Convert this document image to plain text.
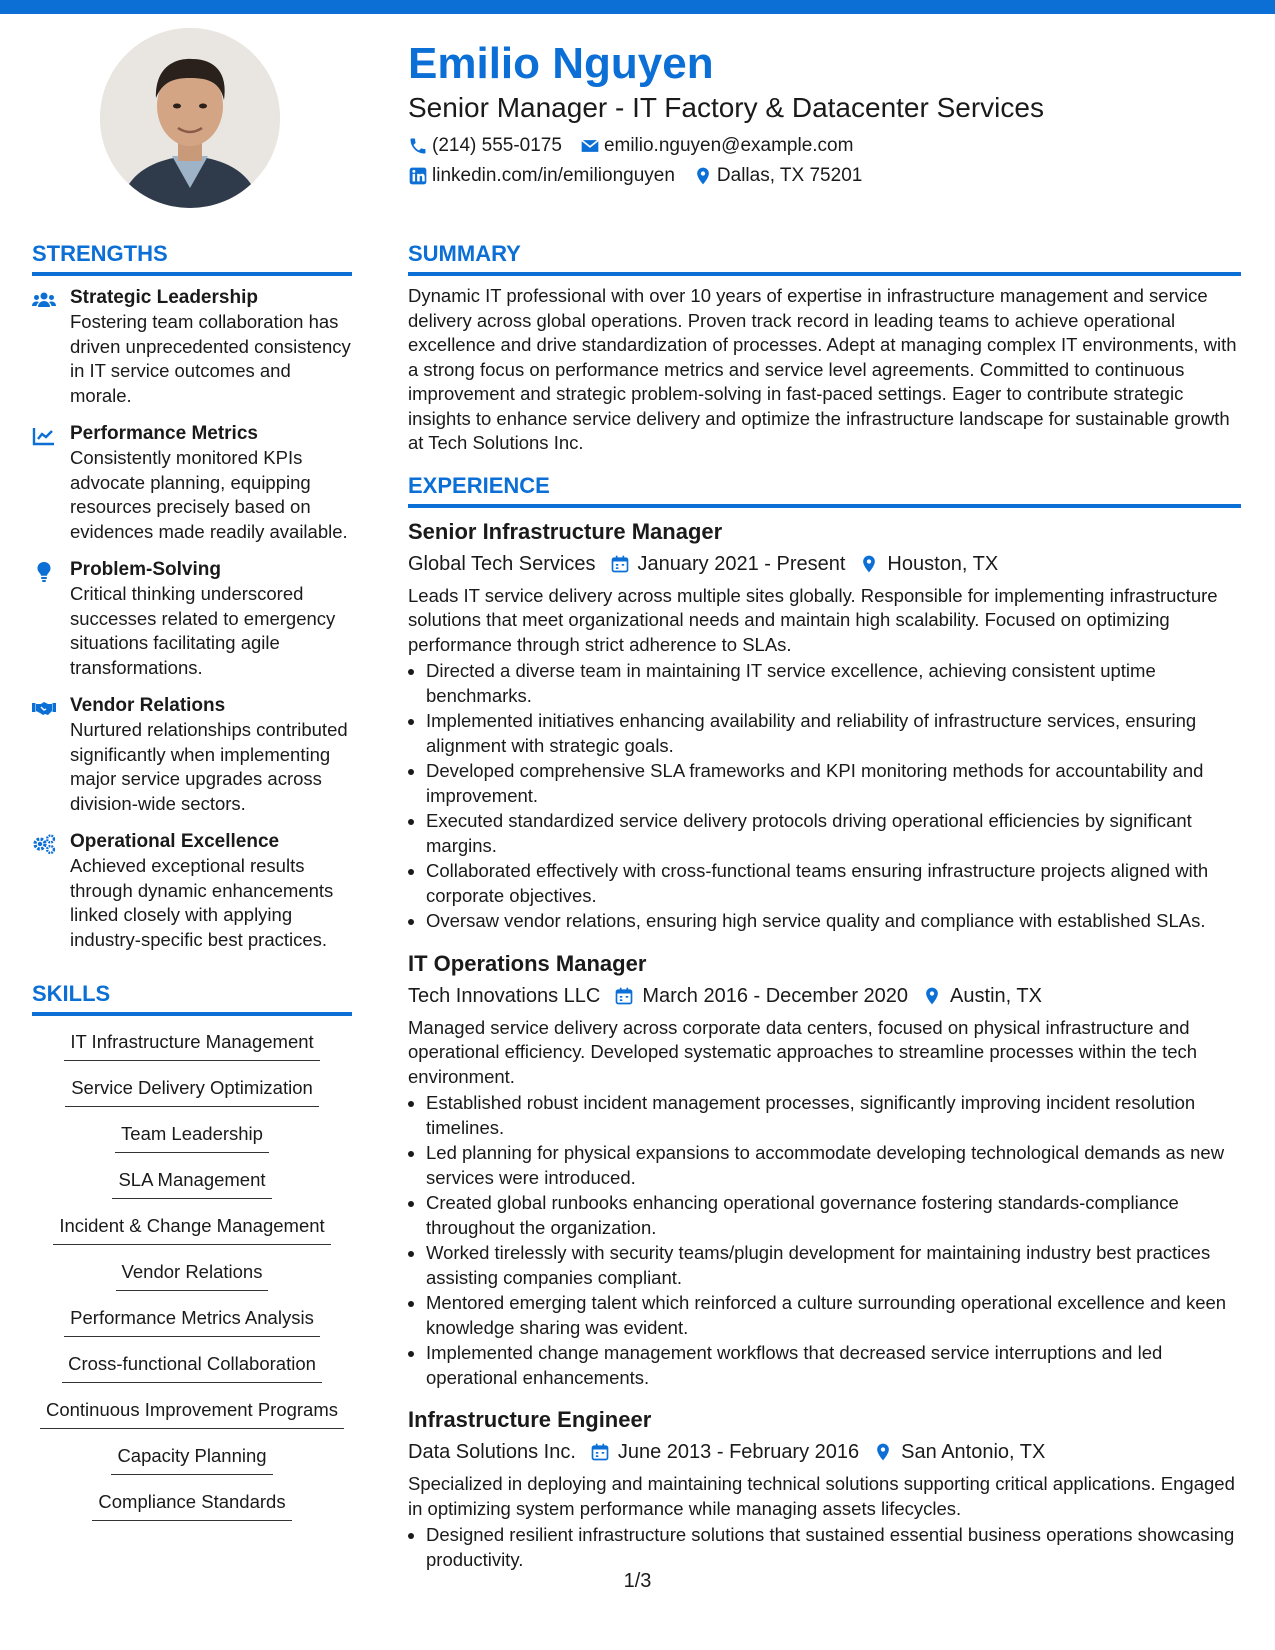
Emilio Nguyen
Senior Manager - IT Factory & Datacenter Services
(214) 555-0175 emilio.nguyen@example.com
linkedin.com/in/emilionguyen Dallas, TX 75201
STRENGTHS
Strategic Leadership
Fostering team collaboration has driven unprecedented consistency in IT service outcomes and morale.
Performance Metrics
Consistently monitored KPIs advocate planning, equipping resources precisely based on evidences made readily available.
Problem-Solving
Critical thinking underscored successes related to emergency situations facilitating agile transformations.
Vendor Relations
Nurtured relationships contributed significantly when implementing major service upgrades across division-wide sectors.
Operational Excellence
Achieved exceptional results through dynamic enhancements linked closely with applying industry-specific best practices.
SKILLS
IT Infrastructure Management
Service Delivery Optimization
Team Leadership
SLA Management
Incident & Change Management
Vendor Relations
Performance Metrics Analysis
Cross-functional Collaboration
Continuous Improvement Programs
Capacity Planning
Compliance Standards
SUMMARY

Dynamic IT professional with over 10 years of expertise in infrastructure management and service delivery across global operations. Proven track record in leading teams to achieve operational excellence and drive standardization of processes. Adept at managing complex IT environments, with a strong focus on performance metrics and service level agreements. Committed to continuous improvement and strategic problem-solving in fast-paced settings. Eager to contribute strategic insights to enhance service delivery and optimize the infrastructure landscape for sustainable growth at Tech Solutions Inc.

EXPERIENCE
Senior Infrastructure Manager
Global Tech Services January 2021 - Present Houston, TX
Leads IT service delivery across multiple sites globally. Responsible for implementing infrastructure solutions that meet organizational needs and maintain high scalability. Focused on optimizing performance through strict adherence to SLAs.
• Directed a diverse team in maintaining IT service excellence, achieving consistent uptime benchmarks.
• Implemented initiatives enhancing availability and reliability of infrastructure services, ensuring alignment with strategic goals.
• Developed comprehensive SLA frameworks and KPI monitoring methods for accountability and improvement.
• Executed standardized service delivery protocols driving operational efficiencies by significant margins.
• Collaborated effectively with cross-functional teams ensuring infrastructure projects aligned with corporate objectives.
• Oversaw vendor relations, ensuring high service quality and compliance with established SLAs.
IT Operations Manager
Tech Innovations LLC March 2016 - December 2020 Austin, TX
Managed service delivery across corporate data centers, focused on physical infrastructure and operational efficiency. Developed systematic approaches to streamline processes within the tech environment.
• Established robust incident management processes, significantly improving incident resolution timelines.
• Led planning for physical expansions to accommodate developing technological demands as new services were introduced.
• Created global runbooks enhancing operational governance fostering standards-compliance throughout the organization.
• Worked tirelessly with security teams/plugin development for maintaining industry best practices assisting companies compliant.
• Mentored emerging talent which reinforced a culture surrounding operational excellence and keen knowledge sharing was evident.
• Implemented change management workflows that decreased service interruptions and led operational enhancements.
Infrastructure Engineer
Data Solutions Inc. June 2013 - February 2016 San Antonio, TX
Specialized in deploying and maintaining technical solutions supporting critical applications. Engaged in optimizing system performance while managing assets lifecycles.
• Designed resilient infrastructure solutions that sustained essential business operations showcasing productivity.
1/3
